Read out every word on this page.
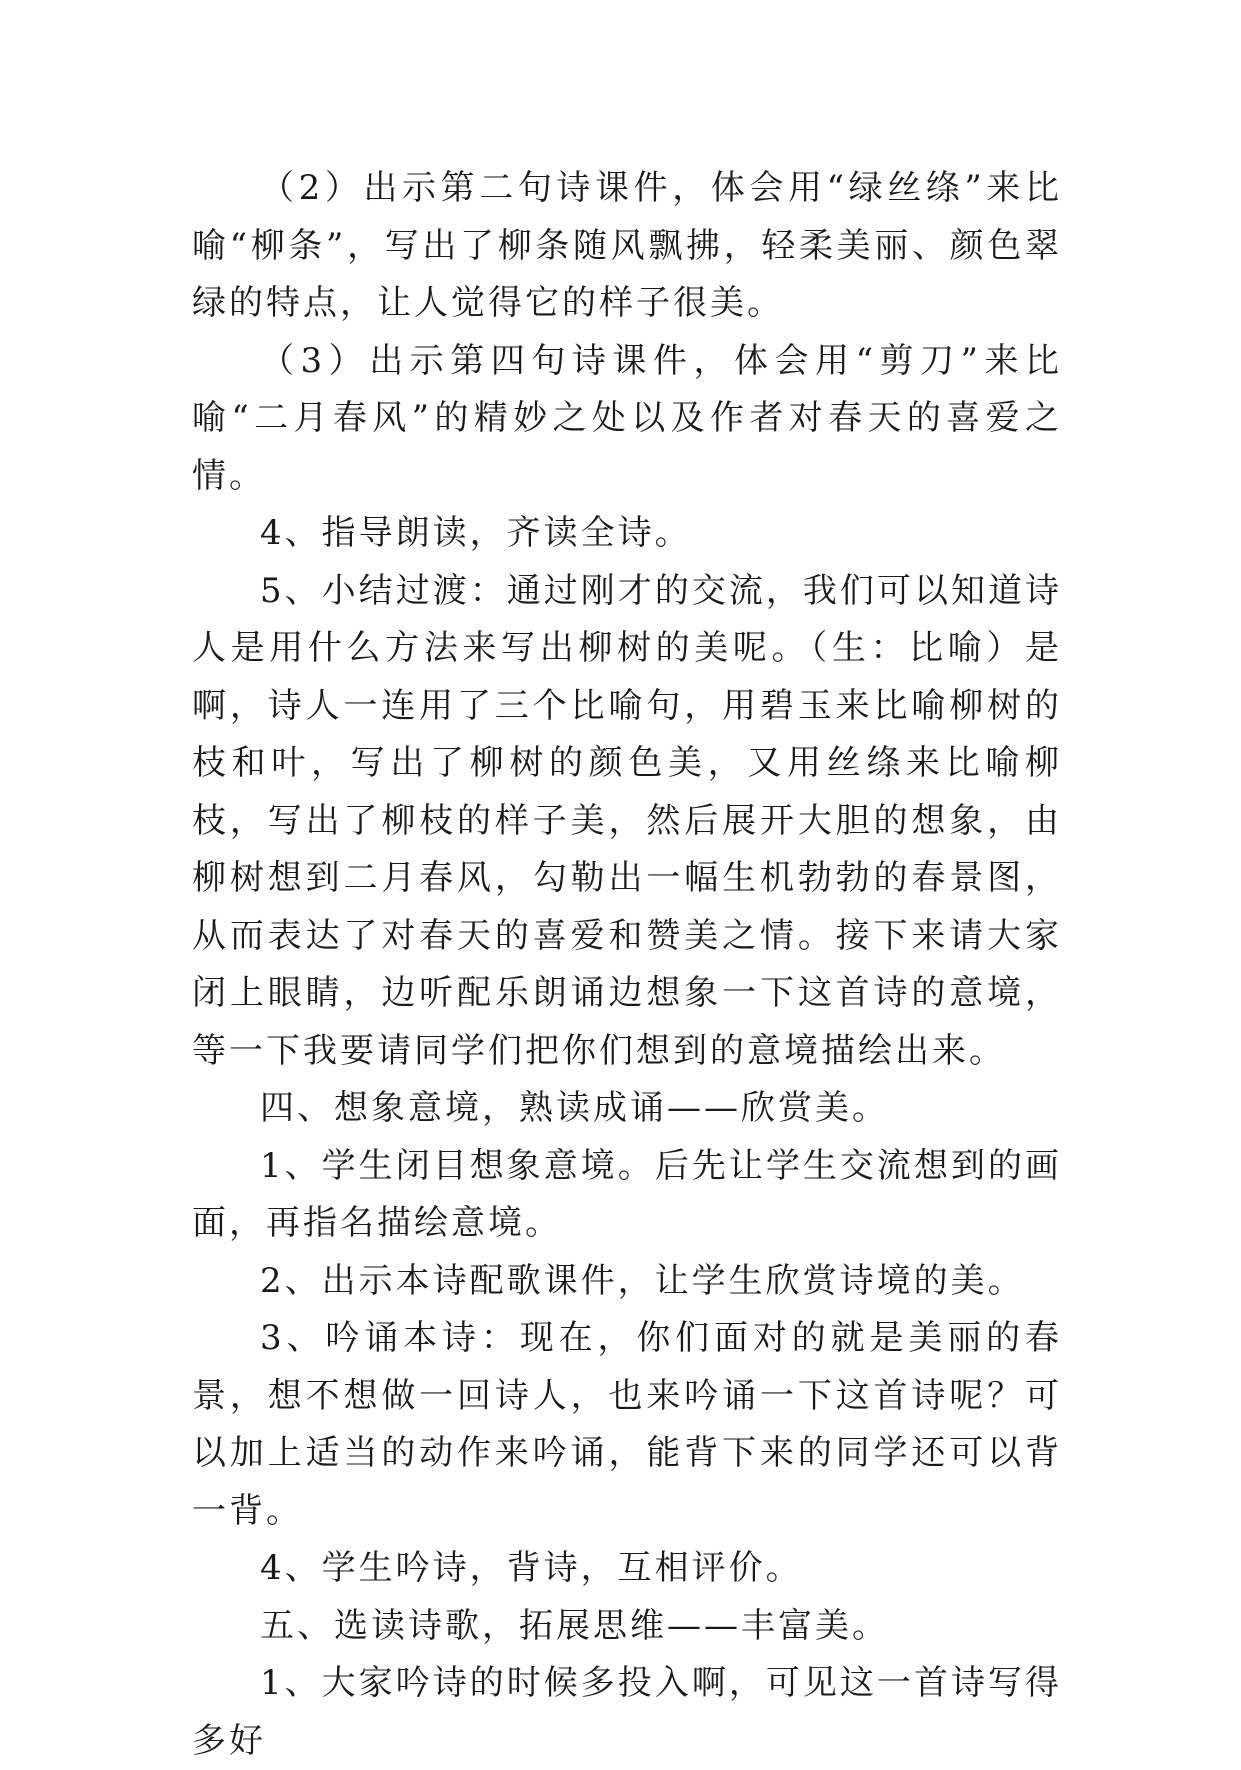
（2）出示第二句诗课件，体会用“绿丝绦”来比喻“柳条”，写出了柳条随风飘拂，轻柔美丽、颜色翠绿的特点，让人觉得它的样子很美。

（3）出示第四句诗课件，体会用“剪刀”来比喻“二月春风”的精妙之处以及作者对春天的喜爱之情。

4、指导朗读，齐读全诗。

5、小结过渡：通过刚才的交流，我们可以知道诗人是用什么方法来写出柳树的美呢。（生：比喻）是啊，诗人一连用了三个比喻句，用碧玉来比喻柳树的枝和叶，写出了柳树的颜色美，又用丝绦来比喻柳枝，写出了柳枝的样子美，然后展开大胆的想象，由柳树想到二月春风，勾勒出一幅生机勃勃的春景图，从而表达了对春天的喜爱和赞美之情。接下来请大家闭上眼睛，边听配乐朗诵边想象一下这首诗的意境，等一下我要请同学们把你们想到的意境描绘出来。

四、想象意境，熟读成诵——欣赏美。

1、学生闭目想象意境。后先让学生交流想到的画面，再指名描绘意境。

2、出示本诗配歌课件，让学生欣赏诗境的美。

3、吟诵本诗：现在，你们面对的就是美丽的春景，想不想做一回诗人，也来吟诵一下这首诗呢？可以加上适当的动作来吟诵，能背下来的同学还可以背一背。

4、学生吟诗，背诗，互相评价。

五、选读诗歌，拓展思维——丰富美。

1、大家吟诗的时候多投入啊，可见这一首诗写得多好
